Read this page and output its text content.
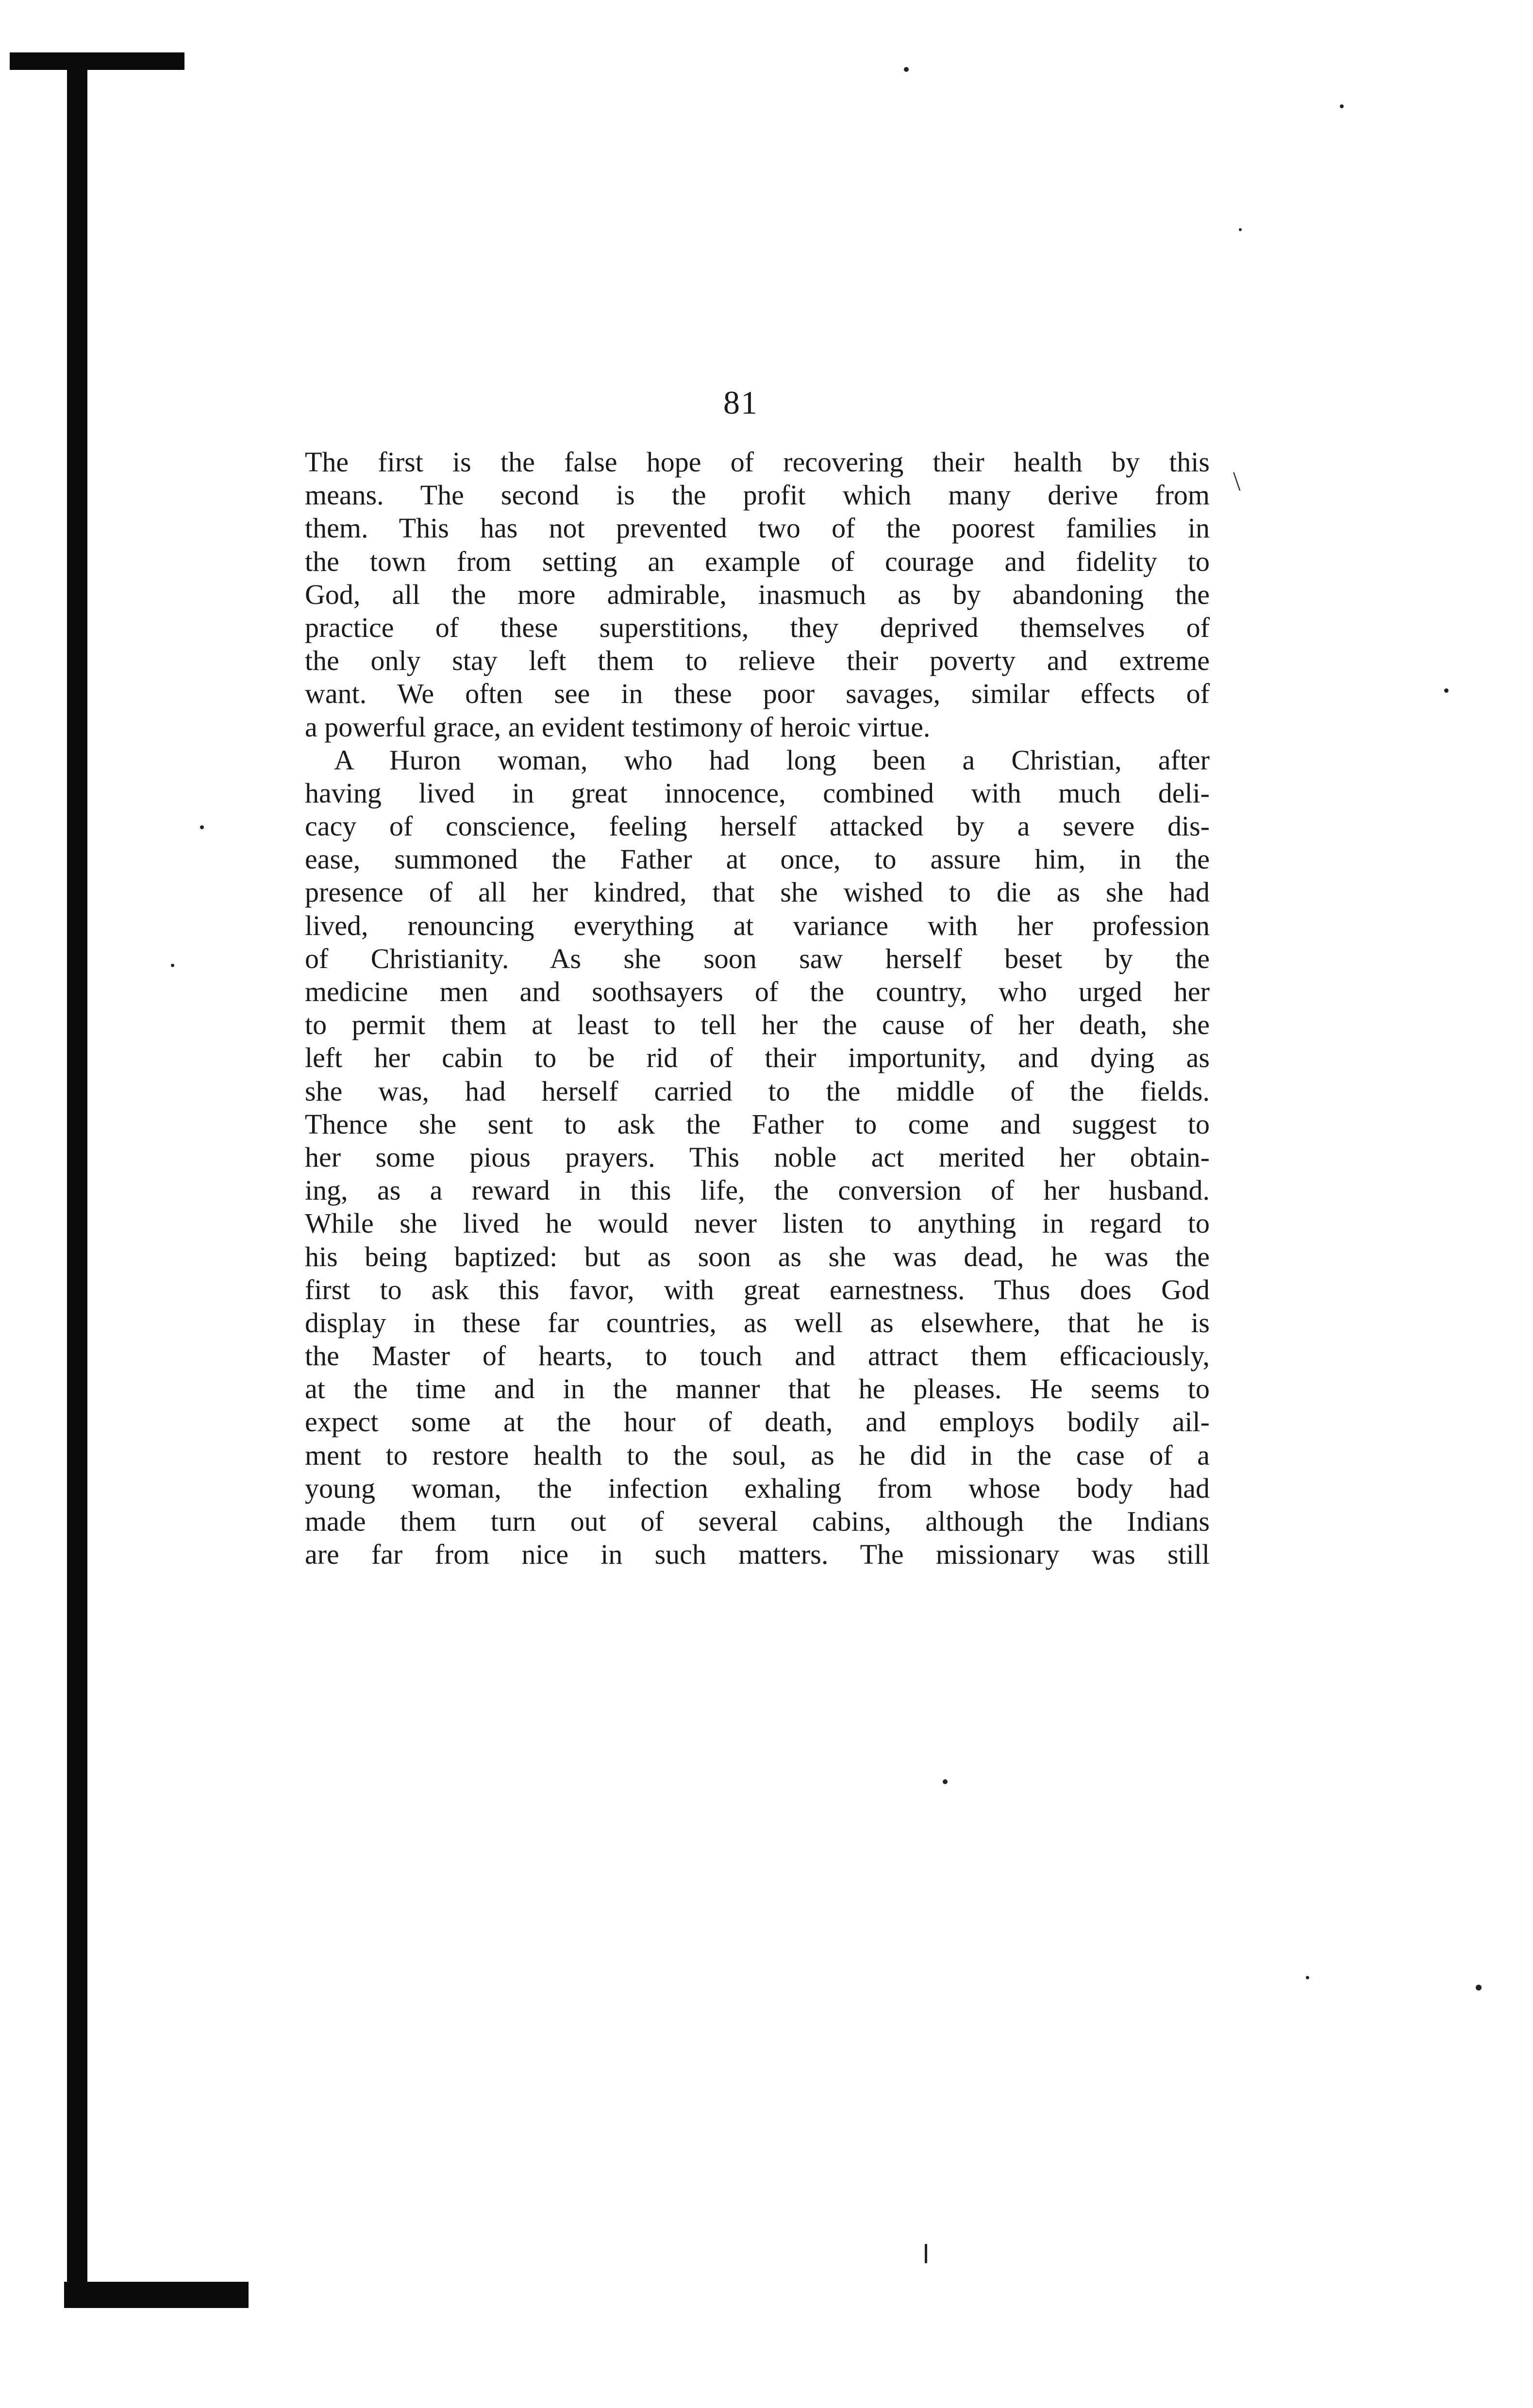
81
\
The first is the false hope of recovering their health by this
means. The second is the profit which many derive from
them. This has not prevented two of the poorest families in
the town from setting an example of courage and fidelity to
God, all the more admirable, inasmuch as by abandoning the
practice of these superstitions, they deprived themselves of
the only stay left them to relieve their poverty and extreme
want. We often see in these poor savages, similar effects of
a powerful grace, an evident testimony of heroic virtue.
A Huron woman, who had long been a Christian, after
having lived in great innocence, combined with much deli-
cacy of conscience, feeling herself attacked by a severe dis-
ease, summoned the Father at once, to assure him, in the
presence of all her kindred, that she wished to die as she had
lived, renouncing everything at variance with her profession
of Christianity. As she soon saw herself beset by the
medicine men and soothsayers of the country, who urged her
to permit them at least to tell her the cause of her death, she
left her cabin to be rid of their importunity, and dying as
she was, had herself carried to the middle of the fields.
Thence she sent to ask the Father to come and suggest to
her some pious prayers. This noble act merited her obtain-
ing, as a reward in this life, the conversion of her husband.
While she lived he would never listen to anything in regard to
his being baptized: but as soon as she was dead, he was the
first to ask this favor, with great earnestness. Thus does God
display in these far countries, as well as elsewhere, that he is
the Master of hearts, to touch and attract them efficaciously,
at the time and in the manner that he pleases. He seems to
expect some at the hour of death, and employs bodily ail-
ment to restore health to the soul, as he did in the case of a
young woman, the infection exhaling from whose body had
made them turn out of several cabins, although the Indians
are far from nice in such matters. The missionary was still
